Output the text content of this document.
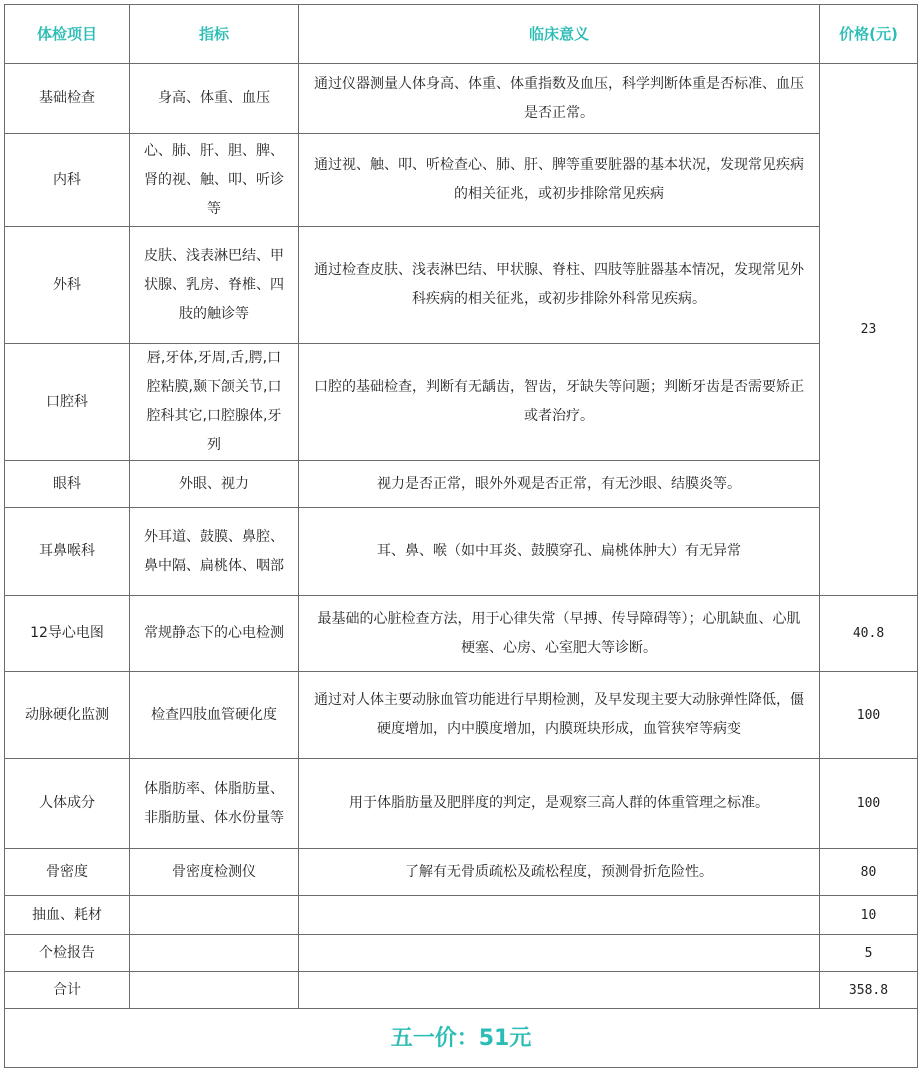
体检项目	指标	临床意义	价格(元)
基础检查	身高、体重、血压	通过仪器测量人体身高、体重、体重指数及血压，科学判断体重是否标准、血压是否正常。	23
内科	心、肺、肝、胆、脾、肾的视、触、叩、听诊等	通过视、触、叩、听检查心、肺、肝、脾等重要脏器的基本状况，发现常见疾病的相关征兆，或初步排除常见疾病	
外科	皮肤、浅表淋巴结、甲状腺、乳房、脊椎、四肢的触诊等	通过检查皮肤、浅表淋巴结、甲状腺、脊柱、四肢等脏器基本情况，发现常见外科疾病的相关征兆，或初步排除外科常见疾病。	
口腔科	唇,牙体,牙周,舌,腭,口腔粘膜,颞下颌关节,口腔科其它,口腔腺体,牙列	口腔的基础检查，判断有无龋齿，智齿，牙缺失等问题；判断牙齿是否需要矫正或者治疗。	
眼科	外眼、视力	视力是否正常，眼外外观是否正常，有无沙眼、结膜炎等。	
耳鼻喉科	外耳道、鼓膜、鼻腔、鼻中隔、扁桃体、咽部	耳、鼻、喉（如中耳炎、鼓膜穿孔、扁桃体肿大）有无异常	
12导心电图	常规静态下的心电检测	最基础的心脏检查方法，用于心律失常（早搏、传导障碍等）；心肌缺血、心肌梗塞、心房、心室肥大等诊断。	40.8
动脉硬化监测	检查四肢血管硬化度	通过对人体主要动脉血管功能进行早期检测，及早发现主要大动脉弹性降低，僵硬度增加，内中膜度增加，内膜斑块形成，血管狭窄等病变	100
人体成分	体脂肪率、体脂肪量、非脂肪量、体水份量等	用于体脂肪量及肥胖度的判定，是观察三高人群的体重管理之标准。	100
骨密度	骨密度检测仪	了解有无骨质疏松及疏松程度，预测骨折危险性。	80
抽血、耗材			10
个检报告			5
合计			358.8
五一价：51元			
